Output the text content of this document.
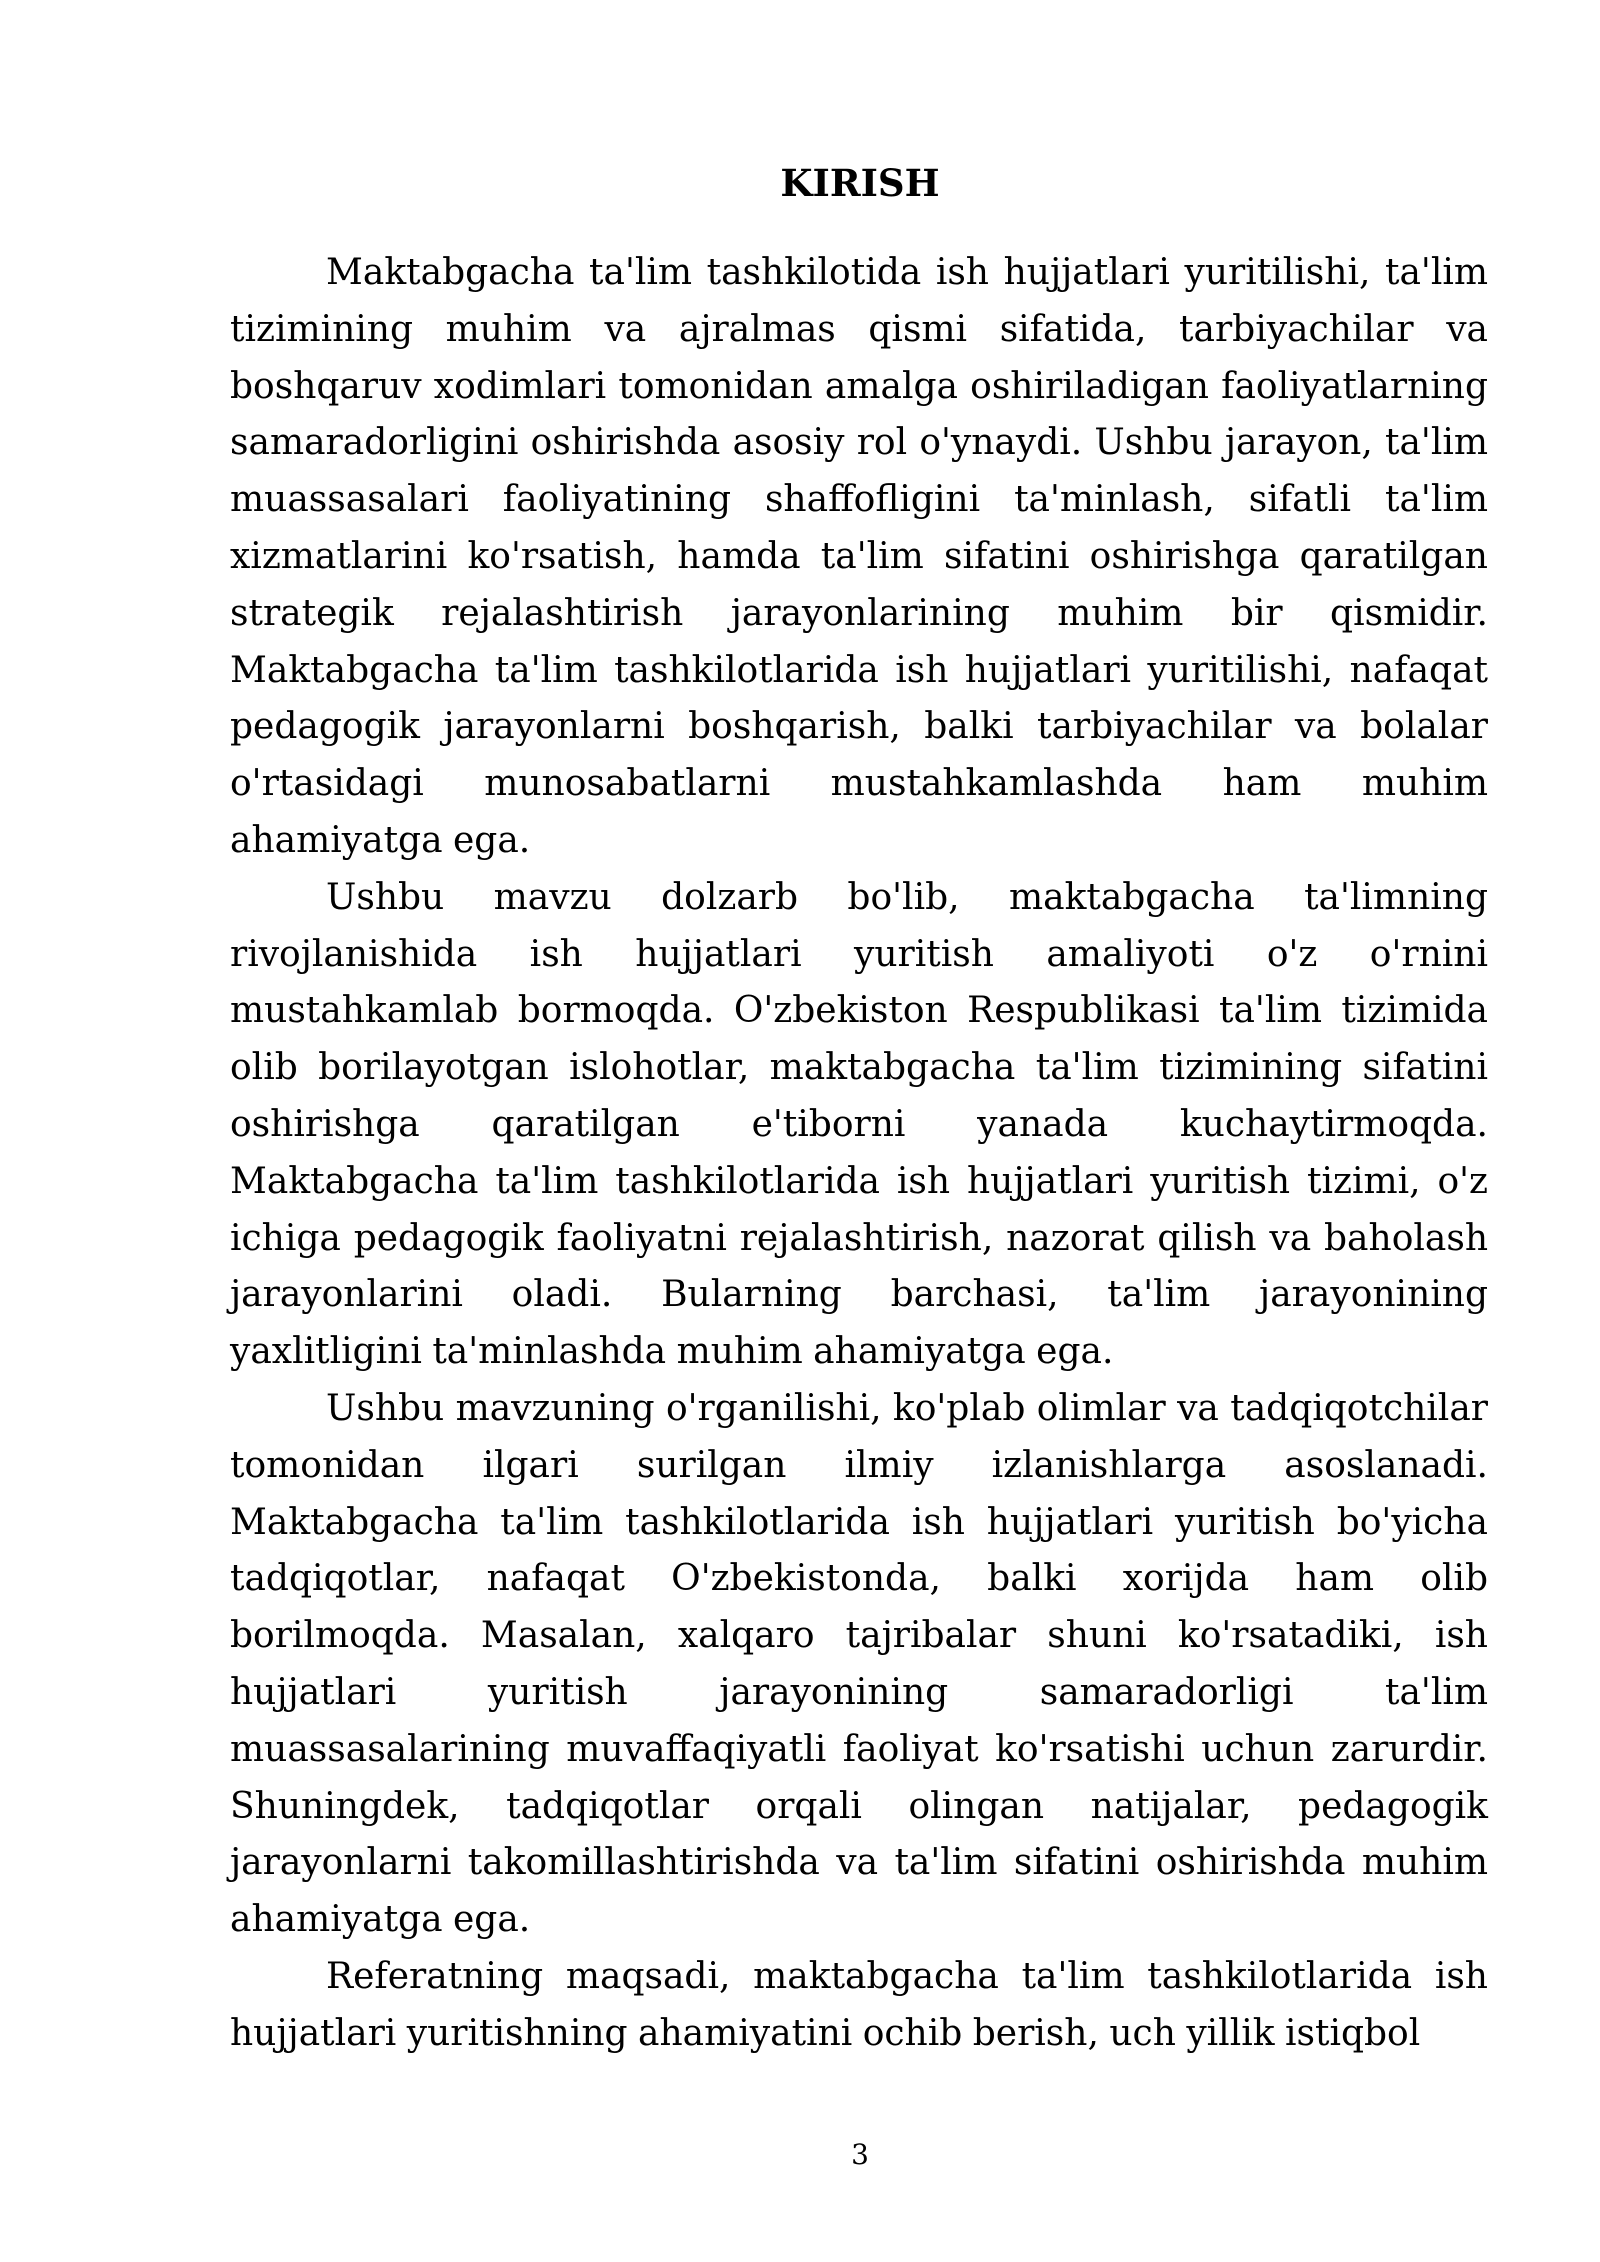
KIRISH

Maktabgacha ta'lim tashkilotida ish hujjatlari yuritilishi, ta'lim tizimining muhim va ajralmas qismi sifatida, tarbiyachilar va boshqaruv xodimlari tomonidan amalga oshiriladigan faoliyatlarning samaradorligini oshirishda asosiy rol o'ynaydi. Ushbu jarayon, ta'lim muassasalari faoliyatining shaffofligini ta'minlash, sifatli ta'lim xizmatlarini ko'rsatish, hamda ta'lim sifatini oshirishga qaratilgan strategik rejalashtirish jarayonlarining muhim bir qismidir. Maktabgacha ta'lim tashkilotlarida ish hujjatlari yuritilishi, nafaqat pedagogik jarayonlarni boshqarish, balki tarbiyachilar va bolalar o'rtasidagi munosabatlarni mustahkamlashda ham muhim ahamiyatga ega.

Ushbu mavzu dolzarb bo'lib, maktabgacha ta'limning rivojlanishida ish hujjatlari yuritish amaliyoti o'z o'rnini mustahkamlab bormoqda. O'zbekiston Respublikasi ta'lim tizimida olib borilayotgan islohotlar, maktabgacha ta'lim tizimining sifatini oshirishga qaratilgan e'tiborni yanada kuchaytirmoqda. Maktabgacha ta'lim tashkilotlarida ish hujjatlari yuritish tizimi, o'z ichiga pedagogik faoliyatni rejalashtirish, nazorat qilish va baholash jarayonlarini oladi. Bularning barchasi, ta'lim jarayonining yaxlitligini ta'minlashda muhim ahamiyatga ega.

Ushbu mavzuning o'rganilishi, ko'plab olimlar va tadqiqotchilar tomonidan ilgari surilgan ilmiy izlanishlarga asoslanadi. Maktabgacha ta'lim tashkilotlarida ish hujjatlari yuritish bo'yicha tadqiqotlar, nafaqat O'zbekistonda, balki xorijda ham olib borilmoqda. Masalan, xalqaro tajribalar shuni ko'rsatadiki, ish hujjatlari yuritish jarayonining samaradorligi ta'lim muassasalarining muvaffaqiyatli faoliyat ko'rsatishi uchun zarurdir. Shuningdek, tadqiqotlar orqali olingan natijalar, pedagogik jarayonlarni takomillashtirishda va ta'lim sifatini oshirishda muhim ahamiyatga ega.

Referatning maqsadi, maktabgacha ta'lim tashkilotlarida ish hujjatlari yuritishning ahamiyatini ochib berish, uch yillik istiqbol

3
